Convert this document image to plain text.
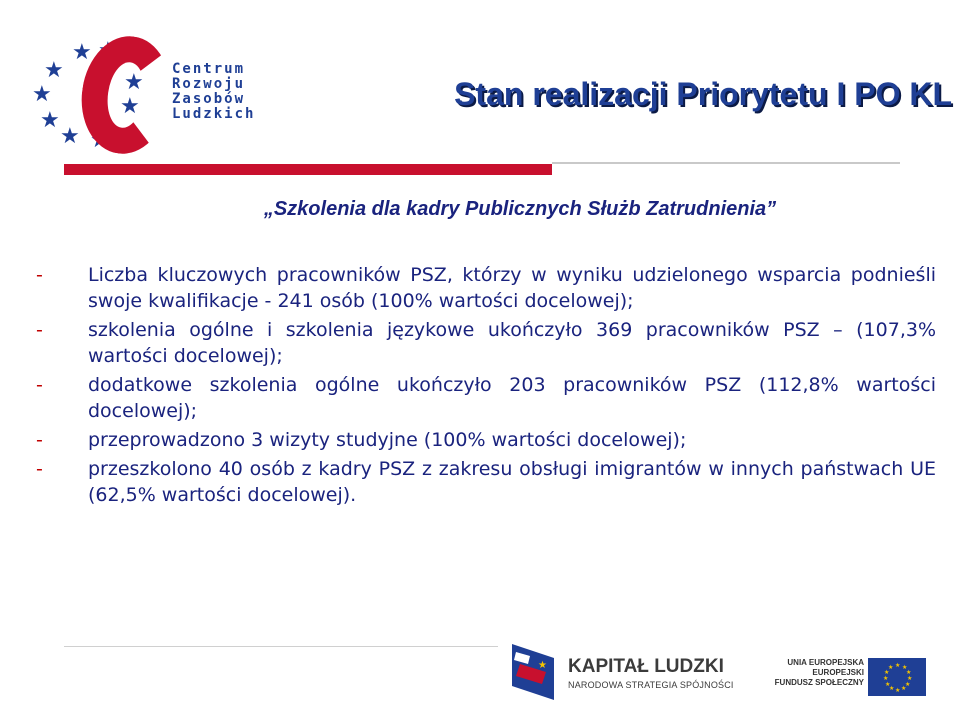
★ ★
★
★
★
★ ★
★
★
Centrum
Rozwoju
Zasobów
Ludzkich
Stan realizacji Priorytetu I PO KL
„Szkolenia dla kadry Publicznych Służb Zatrudnienia”
-	Liczba kluczowych pracowników PSZ, którzy w wyniku udzielonego wsparcia podnieśli swoje kwalifikacje - 241 osób (100% wartości docelowej);
-	szkolenia ogólne i szkolenia językowe ukończyło 369 pracowników PSZ – (107,3% wartości docelowej);
-	dodatkowe szkolenia ogólne ukończyło 203 pracowników PSZ (112,8% wartości docelowej);
-	przeprowadzono 3 wizyty studyjne (100% wartości docelowej);
-	przeszkolono 40 osób z kadry PSZ z zakresu obsługi imigrantów w innych państwach UE (62,5% wartości docelowej).
★ KAPITAŁ LUDZKI
NARODOWA STRATEGIA SPÓJNOŚCI
UNIA EUROPEJSKA
EUROPEJSKI
FUNDUSZ SPOŁECZNY
★ ★
★
★
★
★
★
★
★
★
★
★
